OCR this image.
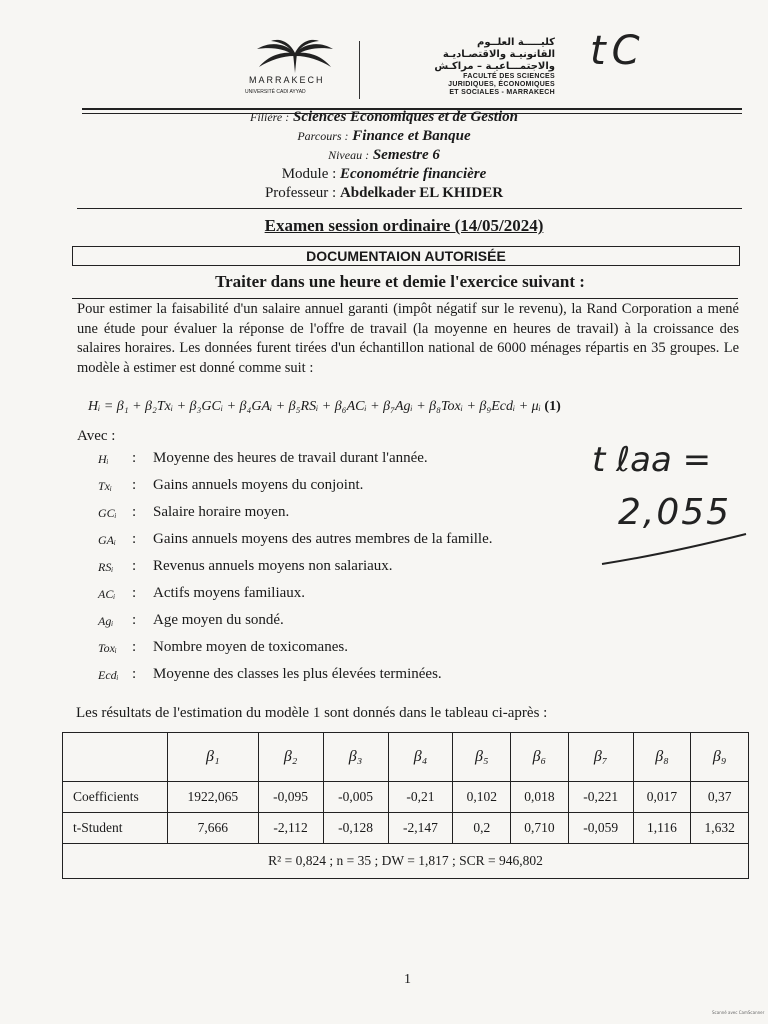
MARRAKECH
UNIVERSITÉ CADI AYYAD
كليـــــة العلــوم
القانونيـة والاقتصـاديـة
والاجتمـــاعيـة – مراكـش
FACULTÉ DES SCIENCES
JURIDIQUES, ÉCONOMIQUES
ET SOCIALES - MARRAKECH
tC
Filière : Sciences Economiques et de Gestion
Parcours : Finance et Banque
Niveau : Semestre 6
Module : Econométrie financière
Professeur : Abdelkader EL KHIDER
Examen session ordinaire (14/05/2024)
DOCUMENTAION AUTORISÉE
Traiter dans une heure et demie l'exercice suivant :
Pour estimer la faisabilité d'un salaire annuel garanti (impôt négatif sur le revenu), la Rand Corporation a mené une étude pour évaluer la réponse de l'offre de travail (la moyenne en heures de travail) à la croissance des salaires horaires. Les données furent tirées d'un échantillon national de 6000 ménages répartis en 35 groupes. Le modèle à estimer est donné comme suit :
Hᵢ = β₁ + β₂Txᵢ + β₃GCᵢ + β₄GAᵢ + β₅RSᵢ + β₆ACᵢ + β₇Agᵢ + β₈Toxᵢ + β₉Ecdᵢ + μᵢ (1)
Avec :
Hᵢ	: Moyenne des heures de travail durant l'année.
Txᵢ	: Gains annuels moyens du conjoint.
GCᵢ	: Salaire horaire moyen.
GAᵢ	: Gains annuels moyens des autres membres de la famille.
RSᵢ	: Revenus annuels moyens non salariaux.
ACᵢ	: Actifs moyens familiaux.
Agᵢ	: Age moyen du sondé.
Toxᵢ	: Nombre moyen de toxicomanes.
Ecdᵢ : Moyenne des classes les plus élevées terminées.
t ℓaa =
2,055
Les résultats de l'estimation du modèle 1 sont donnés dans le tableau ci-après :
	β₁	β₂	β₃	β₄	β₅	β₆	β₇	β₈	β₉
Coefficients	1922,065	-0,095	-0,005	-0,21	0,102	0,018	-0,221	0,017	0,37
t-Student	7,666	-2,112	-0,128	-2,147	0,2	0,710	-0,059	1,116	1,632
R² = 0,824 ; n = 35 ; DW = 1,817 ; SCR = 946,802									
1
Scanné avec CamScanner
